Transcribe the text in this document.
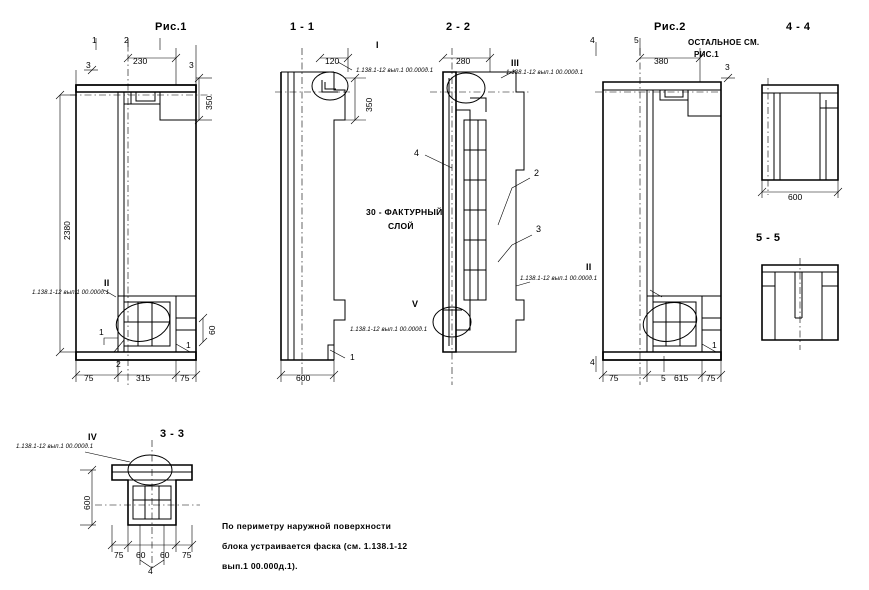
Рис.1
1	2
230
3	3
350
2380
60
75	315	75
2
1
1
II
1.138.1-12 вып.1 00.000д.1
1 - 1
120
I
350
600
1
1.138.1-12 вып.1 00.000д.1
2 - 2
280	III
V
II
4
2
3
30 - ФАКТУРНЫЙ
СЛОЙ
1.138.1-12 вып.1 00.000д.1
1.138.1-12 вып.1 00.000д.1
1.138.1-12 вып.1 00.000д.1
Рис.2
ОСТАЛЬНОЕ СМ.
РИС.1
4	5
380
3
75	5 615 75
4
1
4 - 4
600
5 - 5
3 - 3
IV
1.138.1-12 вып.1 00.000д.1
600
75 60 60 75
4
По периметру наружной поверхности
блока устраивается фаска (см. 1.138.1-12
вып.1 00.000д.1).
